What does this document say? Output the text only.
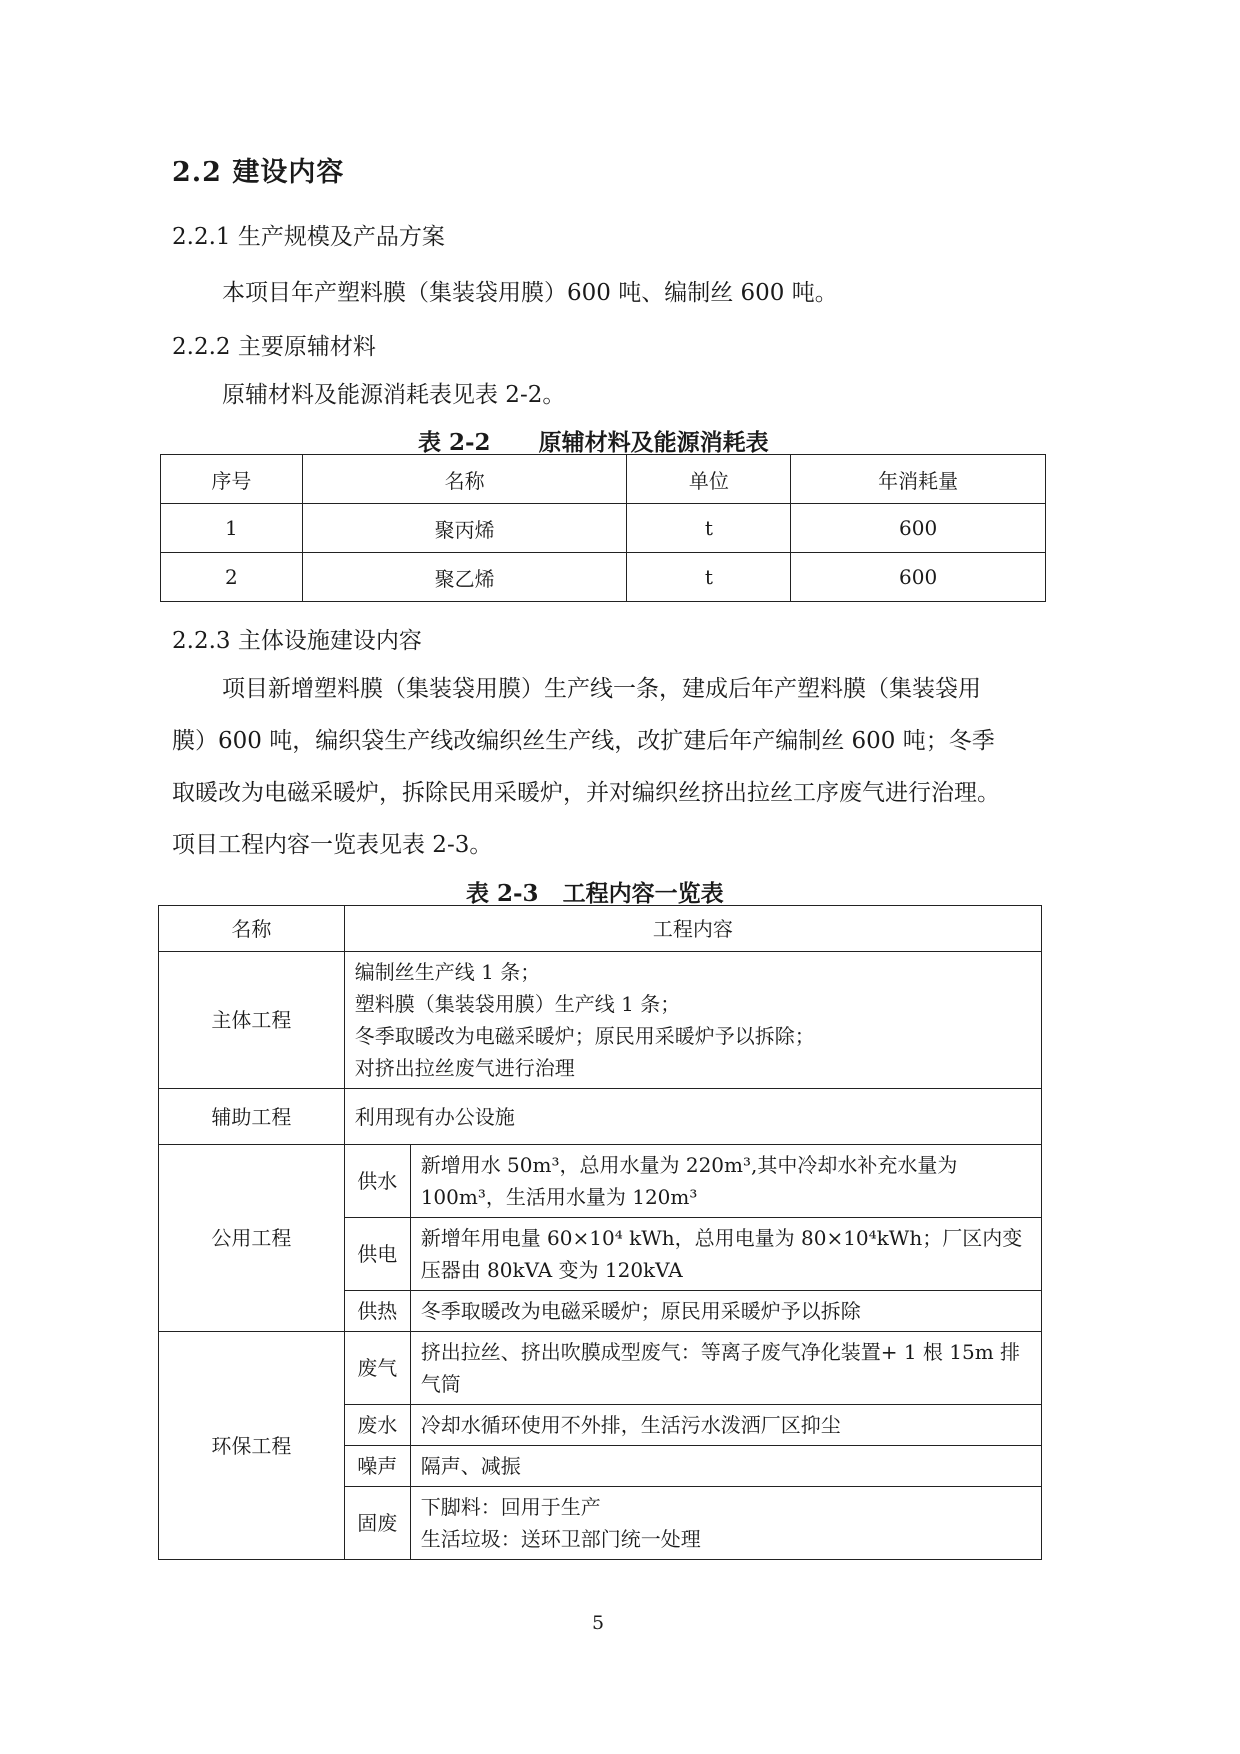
2.2 建设内容
2.2.1 生产规模及产品方案
本项目年产塑料膜（集装袋用膜）600 吨、编制丝 600 吨。
2.2.2 主要原辅材料
原辅材料及能源消耗表见表 2-2。
表 2-2      原辅材料及能源消耗表
序号	名称	单位	年消耗量
1	聚丙烯	t	600
2	聚乙烯	t	600
2.2.3 主体设施建设内容
项目新增塑料膜（集装袋用膜）生产线一条，建成后年产塑料膜（集装袋用
膜）600 吨，编织袋生产线改编织丝生产线，改扩建后年产编制丝 600 吨；冬季
取暖改为电磁采暖炉，拆除民用采暖炉，并对编织丝挤出拉丝工序废气进行治理。
项目工程内容一览表见表 2-3。
表 2-3   工程内容一览表
名称	工程内容	
主体工程	编制丝生产线 1 条；
塑料膜（集装袋用膜）生产线 1 条；
冬季取暖改为电磁采暖炉；原民用采暖炉予以拆除；
对挤出拉丝废气进行治理	

辅助工程	利用现有办公设施	
公用工程	供水	新增用水 50m³，总用水量为 220m³,其中冷却水补充水量为 100m³，生活用水量为 120m³
	供电	新增年用电量 60×10⁴ kWh，总用电量为 80×10⁴kWh；厂区内变压器由 80kVA 变为 120kVA
	供热	冬季取暖改为电磁采暖炉；原民用采暖炉予以拆除
环保工程	废气	挤出拉丝、挤出吹膜成型废气：等离子废气净化装置+ 1 根 15m 排气筒
	废水	冷却水循环使用不外排，生活污水泼洒厂区抑尘
	噪声	隔声、减振
	固废	下脚料：回用于生产
生活垃圾：送环卫部门统一处理
5
